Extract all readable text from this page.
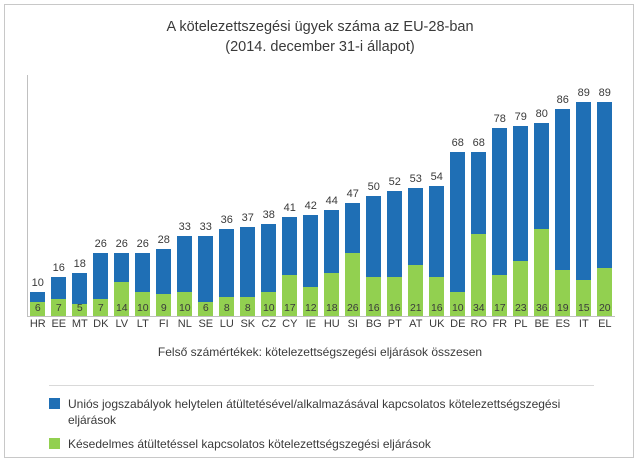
A kötelezettszegési ügyek száma az EU-28-ban
(2014. december 31-i állapot)
10
6
16
7
18
5
26
7
26
14
26
10
28
9
33
10
33
6
36
8
37
8
38
10
41
17
42
12
44
18
47
26
50
16
52
16
53
21
54
16
68
10
68
34
78
17
79
23
80
36
86
19
89
15
89
20
HR EE MT DK LV LT FI NL SE LU SK CZ CY IE HU SI BG PT AT UK DE RO FR PL BE ES IT EL
Felső számértékek: kötelezettségszegési eljárások összesen
Uniós jogszabályok helytelen átültetésével/alkalmazásával kapcsolatos kötelezettségszegési eljárások
Késedelmes átültetéssel kapcsolatos kötelezettségszegési eljárások
